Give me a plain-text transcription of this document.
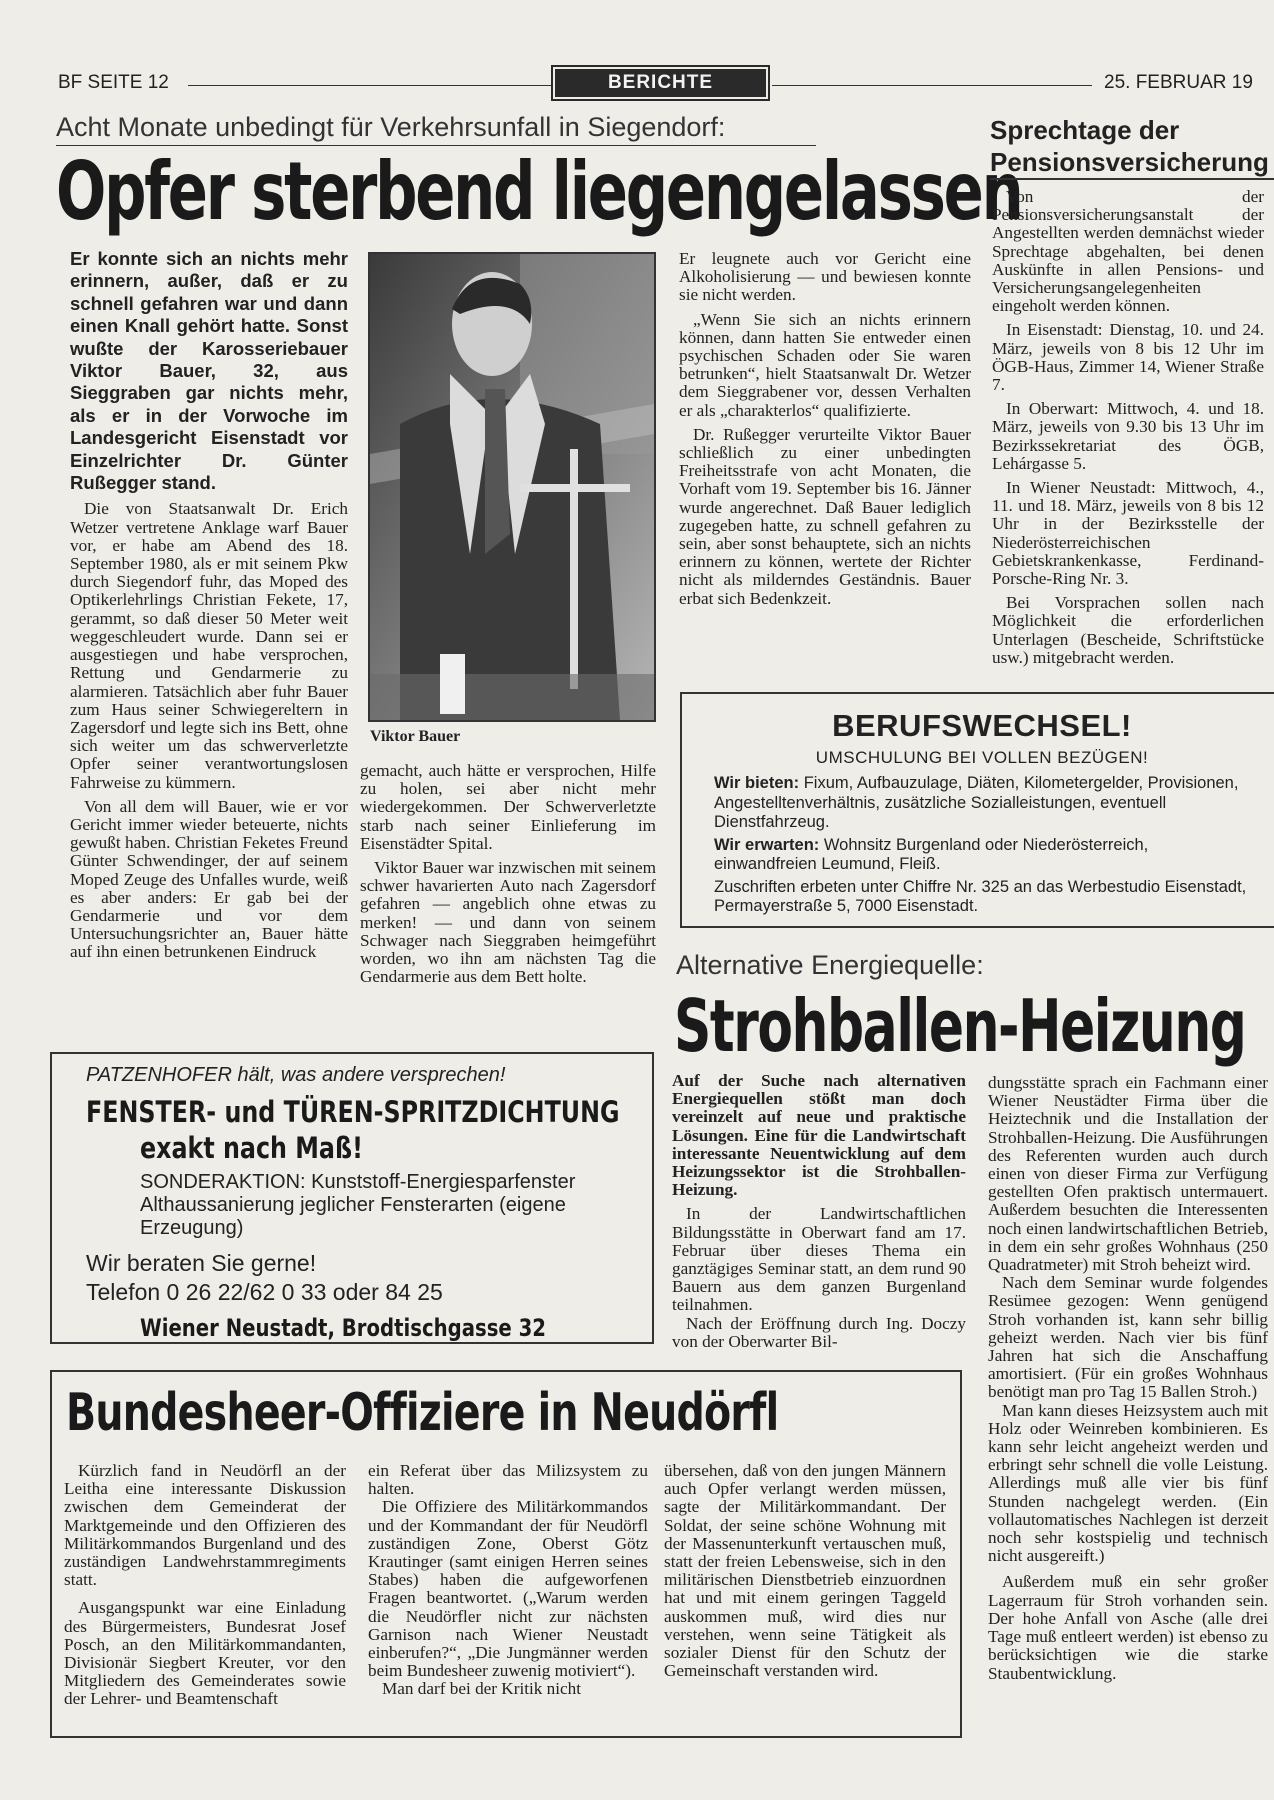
BF SEITE 12	BERICHTE	25. FEBRUAR 19
Acht Monate unbedingt für Verkehrsunfall in Siegendorf:
Opfer sterbend liegengelassen

Er konnte sich an nichts mehr erinnern, außer, daß er zu schnell gefahren war und dann einen Knall gehört hatte. Sonst wußte der Karosseriebauer Viktor Bauer, 32, aus Sieggraben gar nichts mehr, als er in der Vorwoche im Landesgericht Eisenstadt vor Einzelrichter Dr. Günter Rußegger stand.

Die von Staatsanwalt Dr. Erich Wetzer vertretene Anklage warf Bauer vor, er habe am Abend des 18. September 1980, als er mit seinem Pkw durch Siegendorf fuhr, das Moped des Optikerlehrlings Christian Fekete, 17, gerammt, so daß dieser 50 Meter weit weggeschleudert wurde. Dann sei er ausgestiegen und habe versprochen, Rettung und Gendarmerie zu alarmieren. Tatsächlich aber fuhr Bauer zum Haus seiner Schwiegereltern in Zagersdorf und legte sich ins Bett, ohne sich weiter um das schwerverletzte Opfer seiner verantwortungslosen Fahrweise zu kümmern.

Von all dem will Bauer, wie er vor Gericht immer wieder beteuerte, nichts gewußt haben. Christian Feketes Freund Günter Schwendinger, der auf seinem Moped Zeuge des Unfalles wurde, weiß es aber anders: Er gab bei der Gendarmerie und vor dem Untersuchungsrichter an, Bauer hätte auf ihn einen betrunkenen Eindruck

Viktor Bauer

gemacht, auch hätte er versprochen, Hilfe zu holen, sei aber nicht mehr wiedergekommen. Der Schwerverletzte starb nach seiner Einlieferung im Eisenstädter Spital.

Viktor Bauer war inzwischen mit seinem schwer havarierten Auto nach Zagersdorf gefahren — angeblich ohne etwas zu merken! — und dann von seinem Schwager nach Sieggraben heimgeführt worden, wo ihn am nächsten Tag die Gendarmerie aus dem Bett holte.

Er leugnete auch vor Gericht eine Alkoholisierung — und bewiesen konnte sie nicht werden.

„Wenn Sie sich an nichts erinnern können, dann hatten Sie entweder einen psychischen Schaden oder Sie waren betrunken“, hielt Staatsanwalt Dr. Wetzer dem Sieggrabener vor, dessen Verhalten er als „charakterlos“ qualifizierte.

Dr. Rußegger verurteilte Viktor Bauer schließlich zu einer unbedingten Freiheitsstrafe von acht Monaten, die Vorhaft vom 19. September bis 16. Jänner wurde angerechnet. Daß Bauer lediglich zugegeben hatte, zu schnell gefahren zu sein, aber sonst behauptete, sich an nichts erinnern zu können, wertete der Richter nicht als milderndes Geständnis. Bauer erbat sich Bedenkzeit.

Sprechtage der
Pensionsversicherung

Von der Pensionsversicherungsanstalt der Angestellten werden demnächst wieder Sprechtage abgehalten, bei denen Auskünfte in allen Pensions- und Versicherungsangelegenheiten eingeholt werden können.

In Eisenstadt: Dienstag, 10. und 24. März, jeweils von 8 bis 12 Uhr im ÖGB-Haus, Zimmer 14, Wiener Straße 7.

In Oberwart: Mittwoch, 4. und 18. März, jeweils von 9.30 bis 13 Uhr im Bezirkssekretariat des ÖGB, Lehárgasse 5.

In Wiener Neustadt: Mittwoch, 4., 11. und 18. März, jeweils von 8 bis 12 Uhr in der Bezirksstelle der Niederösterreichischen Gebietskrankenkasse, Ferdinand-Porsche-Ring Nr. 3.

Bei Vorsprachen sollen nach Möglichkeit die erforderlichen Unterlagen (Bescheide, Schriftstücke usw.) mitgebracht werden.

BERUFSWECHSEL!
UMSCHULUNG BEI VOLLEN BEZÜGEN!
Wir bieten: Fixum, Aufbauzulage, Diäten, Kilometergelder, Provisionen, Angestelltenverhältnis, zusätzliche Sozialleistungen, eventuell Dienstfahrzeug.
Wir erwarten: Wohnsitz Burgenland oder Niederösterreich, einwandfreien Leumund, Fleiß.
Zuschriften erbeten unter Chiffre Nr. 325 an das Werbestudio Eisenstadt, Permayerstraße 5, 7000 Eisenstadt.
Alternative Energiequelle:
Strohballen-Heizung

Auf der Suche nach alternativen Energiequellen stößt man doch vereinzelt auf neue und praktische Lösungen. Eine für die Landwirtschaft interessante Neuentwicklung auf dem Heizungssektor ist die Strohballen-Heizung.

In der Landwirtschaftlichen Bildungsstätte in Oberwart fand am 17. Februar über dieses Thema ein ganztägiges Seminar statt, an dem rund 90 Bauern aus dem ganzen Burgenland teilnahmen.

Nach der Eröffnung durch Ing. Doczy von der Oberwarter Bil-

dungsstätte sprach ein Fachmann einer Wiener Neustädter Firma über die Heiztechnik und die Installation der Strohballen-Heizung. Die Ausführungen des Referenten wurden auch durch einen von dieser Firma zur Verfügung gestellten Ofen praktisch untermauert. Außerdem besuchten die Interessenten noch einen landwirtschaftlichen Betrieb, in dem ein sehr großes Wohnhaus (250 Quadratmeter) mit Stroh beheizt wird.

Nach dem Seminar wurde folgendes Resümee gezogen: Wenn genügend Stroh vorhanden ist, kann sehr billig geheizt werden. Nach vier bis fünf Jahren hat sich die Anschaffung amortisiert. (Für ein großes Wohnhaus benötigt man pro Tag 15 Ballen Stroh.)

Man kann dieses Heizsystem auch mit Holz oder Weinreben kombinieren. Es kann sehr leicht angeheizt werden und erbringt sehr schnell die volle Leistung. Allerdings muß alle vier bis fünf Stunden nachgelegt werden. (Ein vollautomatisches Nachlegen ist derzeit noch sehr kostspielig und technisch nicht ausgereift.)

Außerdem muß ein sehr großer Lagerraum für Stroh vorhanden sein. Der hohe Anfall von Asche (alle drei Tage muß entleert werden) ist ebenso zu berücksichtigen wie die starke Staubentwicklung.

PATZENHOFER hält, was andere versprechen!
FENSTER- und TÜREN-SPRITZDICHTUNG
exakt nach Maß!
SONDERAKTION: Kunststoff-Energiesparfenster Althaussanierung jeglicher Fensterarten (eigene Erzeugung)
Wir beraten Sie gerne!
Telefon 0 26 22/62 0 33 oder 84 25
Wiener Neustadt, Brodtischgasse 32
Bundesheer-Offiziere in Neudörfl

Kürzlich fand in Neudörfl an der Leitha eine interessante Diskussion zwischen dem Gemeinderat der Marktgemeinde und den Offizieren des Militärkommandos Burgenland und des zuständigen Landwehrstammregiments statt.

Ausgangspunkt war eine Einladung des Bürgermeisters, Bundesrat Josef Posch, an den Militärkommandanten, Divisionär Siegbert Kreuter, vor den Mitgliedern des Gemeinderates sowie der Lehrer- und Beamtenschaft

ein Referat über das Milizsystem zu halten.

Die Offiziere des Militärkommandos und der Kommandant der für Neudörfl zuständigen Zone, Oberst Götz Krautinger (samt einigen Herren seines Stabes) haben die aufgeworfenen Fragen beantwortet. („Warum werden die Neudörfler nicht zur nächsten Garnison nach Wiener Neustadt einberufen?“, „Die Jungmänner werden beim Bundesheer zuwenig motiviert“).

Man darf bei der Kritik nicht

übersehen, daß von den jungen Männern auch Opfer verlangt werden müssen, sagte der Militärkommandant. Der Soldat, der seine schöne Wohnung mit der Massenunterkunft vertauschen muß, statt der freien Lebensweise, sich in den militärischen Dienstbetrieb einzuordnen hat und mit einem geringen Taggeld auskommen muß, wird dies nur verstehen, wenn seine Tätigkeit als sozialer Dienst für den Schutz der Gemeinschaft verstanden wird.
